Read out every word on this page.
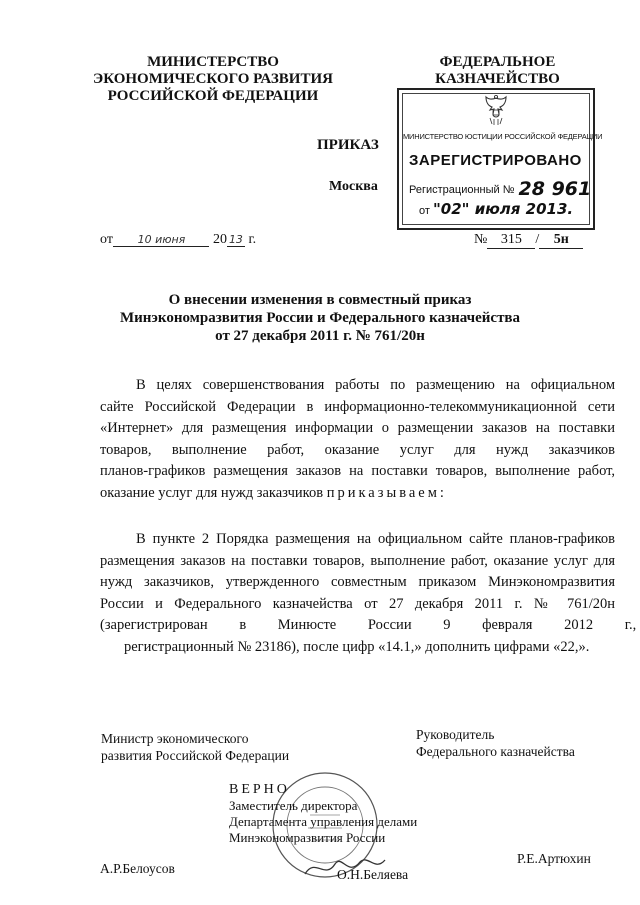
МИНИСТЕРСТВО
ЭКОНОМИЧЕСКОГО РАЗВИТИЯ
РОССИЙСКОЙ ФЕДЕРАЦИИ
ФЕДЕРАЛЬНОЕ
КАЗНАЧЕЙСТВО
ПРИКАЗ
Москва
МИНИСТЕРСТВО ЮСТИЦИИ РОССИЙСКОЙ ФЕДЕРАЦИИ
ЗАРЕГИСТРИРОВАНО
Регистрационный № 28 961
от "02" июля 2013.
от 10 июня 20 13 г.	№ 315 / 5н
О внесении изменения в совместный приказ
Минэкономразвития России и Федерального казначейства
от 27 декабря 2011 г. № 761/20н
В целях совершенствования работы по размещению на официальном
сайте Российской Федерации в информационно-телекоммуникационной сети
«Интернет» для размещения информации о размещении заказов на поставки
товаров, выполнение работ, оказание услуг для нужд заказчиков
планов-графиков размещения заказов на поставки товаров, выполнение работ,
оказание услуг для нужд заказчиков приказываем:
В пункте 2 Порядка размещения на официальном сайте планов-графиков
размещения заказов на поставки товаров, выполнение работ, оказание услуг для
нужд заказчиков, утвержденного совместным приказом Минэкономразвития
России и Федерального казначейства от 27 декабря 2011 г. № 761/20н
(зарегистрирован в Минюсте России 9 февраля 2012 г.,
регистрационный № 23186), после цифр «14.1,» дополнить цифрами «22,».
Министр экономического
развития Российской Федерации
Руководитель
Федерального казначейства
ВЕРНО
Заместитель директора
Департамента управления делами
Минэкономразвития России
А.Р.Белоусов	О.Н.Беляева
Р.Е.Артюхин
